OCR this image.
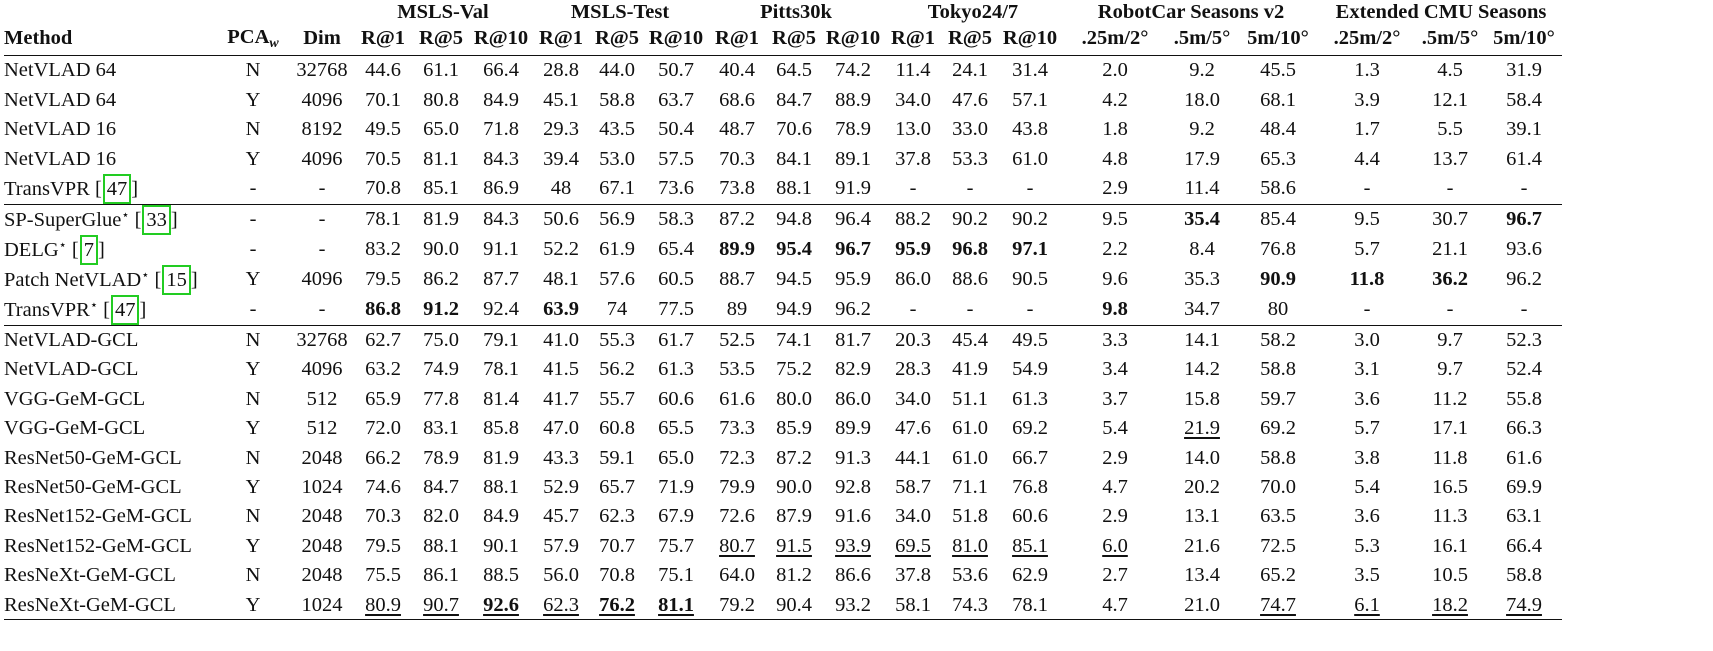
			MSLS-Val			MSLS-Test			Pitts30k			Tokyo24/7			RobotCar Seasons v2			Extended CMU Seasons		
Method	$PCA_w$	Dim	R@1	R@5	R@10	R@1	R@5	R@10	R@1	R@5	R@10	R@1	R@5	R@10	.25m/2°	.5m/5°	5m/10°	.25m/2°	.5m/5°	5m/10°
NetVLAD 64	N	32768	44.6	61.1	66.4	28.8	44.0	50.7	40.4	64.5	74.2	11.4	24.1	31.4	2.0	9.2	45.5	1.3	4.5	31.9
NetVLAD 64	Y	4096	70.1	80.8	84.9	45.1	58.8	63.7	68.6	84.7	88.9	34.0	47.6	57.1	4.2	18.0	68.1	3.9	12.1	58.4
NetVLAD 16	N	8192	49.5	65.0	71.8	29.3	43.5	50.4	48.7	70.6	78.9	13.0	33.0	43.8	1.8	9.2	48.4	1.7	5.5	39.1
NetVLAD 16	Y	4096	70.5	81.1	84.3	39.4	53.0	57.5	70.3	84.1	89.1	37.8	53.3	61.0	4.8	17.9	65.3	4.4	13.7	61.4
TransVPR [ 47 ]	-	-	70.8	85.1	86.9	48	67.1	73.6	73.8	88.1	91.9	-	-	-	2.9	11.4	58.6	-	-	-
SP-SuperGlue⋆ [ 33 ]	-	-	78.1	81.9	84.3	50.6	56.9	58.3	87.2	94.8	96.4	88.2	90.2	90.2	9.5	35.4	85.4	9.5	30.7	96.7
DELG⋆ [ 7 ]	-	-	83.2	90.0	91.1	52.2	61.9	65.4	89.9	95.4	96.7	95.9	96.8	97.1	2.2	8.4	76.8	5.7	21.1	93.6
Patch NetVLAD⋆ [ 15 ]	Y	4096	79.5	86.2	87.7	48.1	57.6	60.5	88.7	94.5	95.9	86.0	88.6	90.5	9.6	35.3	90.9	11.8	36.2	96.2
TransVPR⋆ [ 47 ]	-	-	86.8	91.2	92.4	63.9	74	77.5	89	94.9	96.2	-	-	-	9.8	34.7	80	-	-	-
NetVLAD-GCL	N	32768	62.7	75.0	79.1	41.0	55.3	61.7	52.5	74.1	81.7	20.3	45.4	49.5	3.3	14.1	58.2	3.0	9.7	52.3
NetVLAD-GCL	Y	4096	63.2	74.9	78.1	41.5	56.2	61.3	53.5	75.2	82.9	28.3	41.9	54.9	3.4	14.2	58.8	3.1	9.7	52.4
VGG-GeM-GCL	N	512	65.9	77.8	81.4	41.7	55.7	60.6	61.6	80.0	86.0	34.0	51.1	61.3	3.7	15.8	59.7	3.6	11.2	55.8
VGG-GeM-GCL	Y	512	72.0	83.1	85.8	47.0	60.8	65.5	73.3	85.9	89.9	47.6	61.0	69.2	5.4	21.9	69.2	5.7	17.1	66.3
ResNet50-GeM-GCL	N	2048	66.2	78.9	81.9	43.3	59.1	65.0	72.3	87.2	91.3	44.1	61.0	66.7	2.9	14.0	58.8	3.8	11.8	61.6
ResNet50-GeM-GCL	Y	1024	74.6	84.7	88.1	52.9	65.7	71.9	79.9	90.0	92.8	58.7	71.1	76.8	4.7	20.2	70.0	5.4	16.5	69.9
ResNet152-GeM-GCL	N	2048	70.3	82.0	84.9	45.7	62.3	67.9	72.6	87.9	91.6	34.0	51.8	60.6	2.9	13.1	63.5	3.6	11.3	63.1
ResNet152-GeM-GCL	Y	2048	79.5	88.1	90.1	57.9	70.7	75.7	80.7	91.5	93.9	69.5	81.0	85.1	6.0	21.6	72.5	5.3	16.1	66.4
ResNeXt-GeM-GCL	N	2048	75.5	86.1	88.5	56.0	70.8	75.1	64.0	81.2	86.6	37.8	53.6	62.9	2.7	13.4	65.2	3.5	10.5	58.8
ResNeXt-GeM-GCL	Y	1024	80.9	90.7	92.6	62.3	76.2	81.1	79.2	90.4	93.2	58.1	74.3	78.1	4.7	21.0	74.7	6.1	18.2	74.9
